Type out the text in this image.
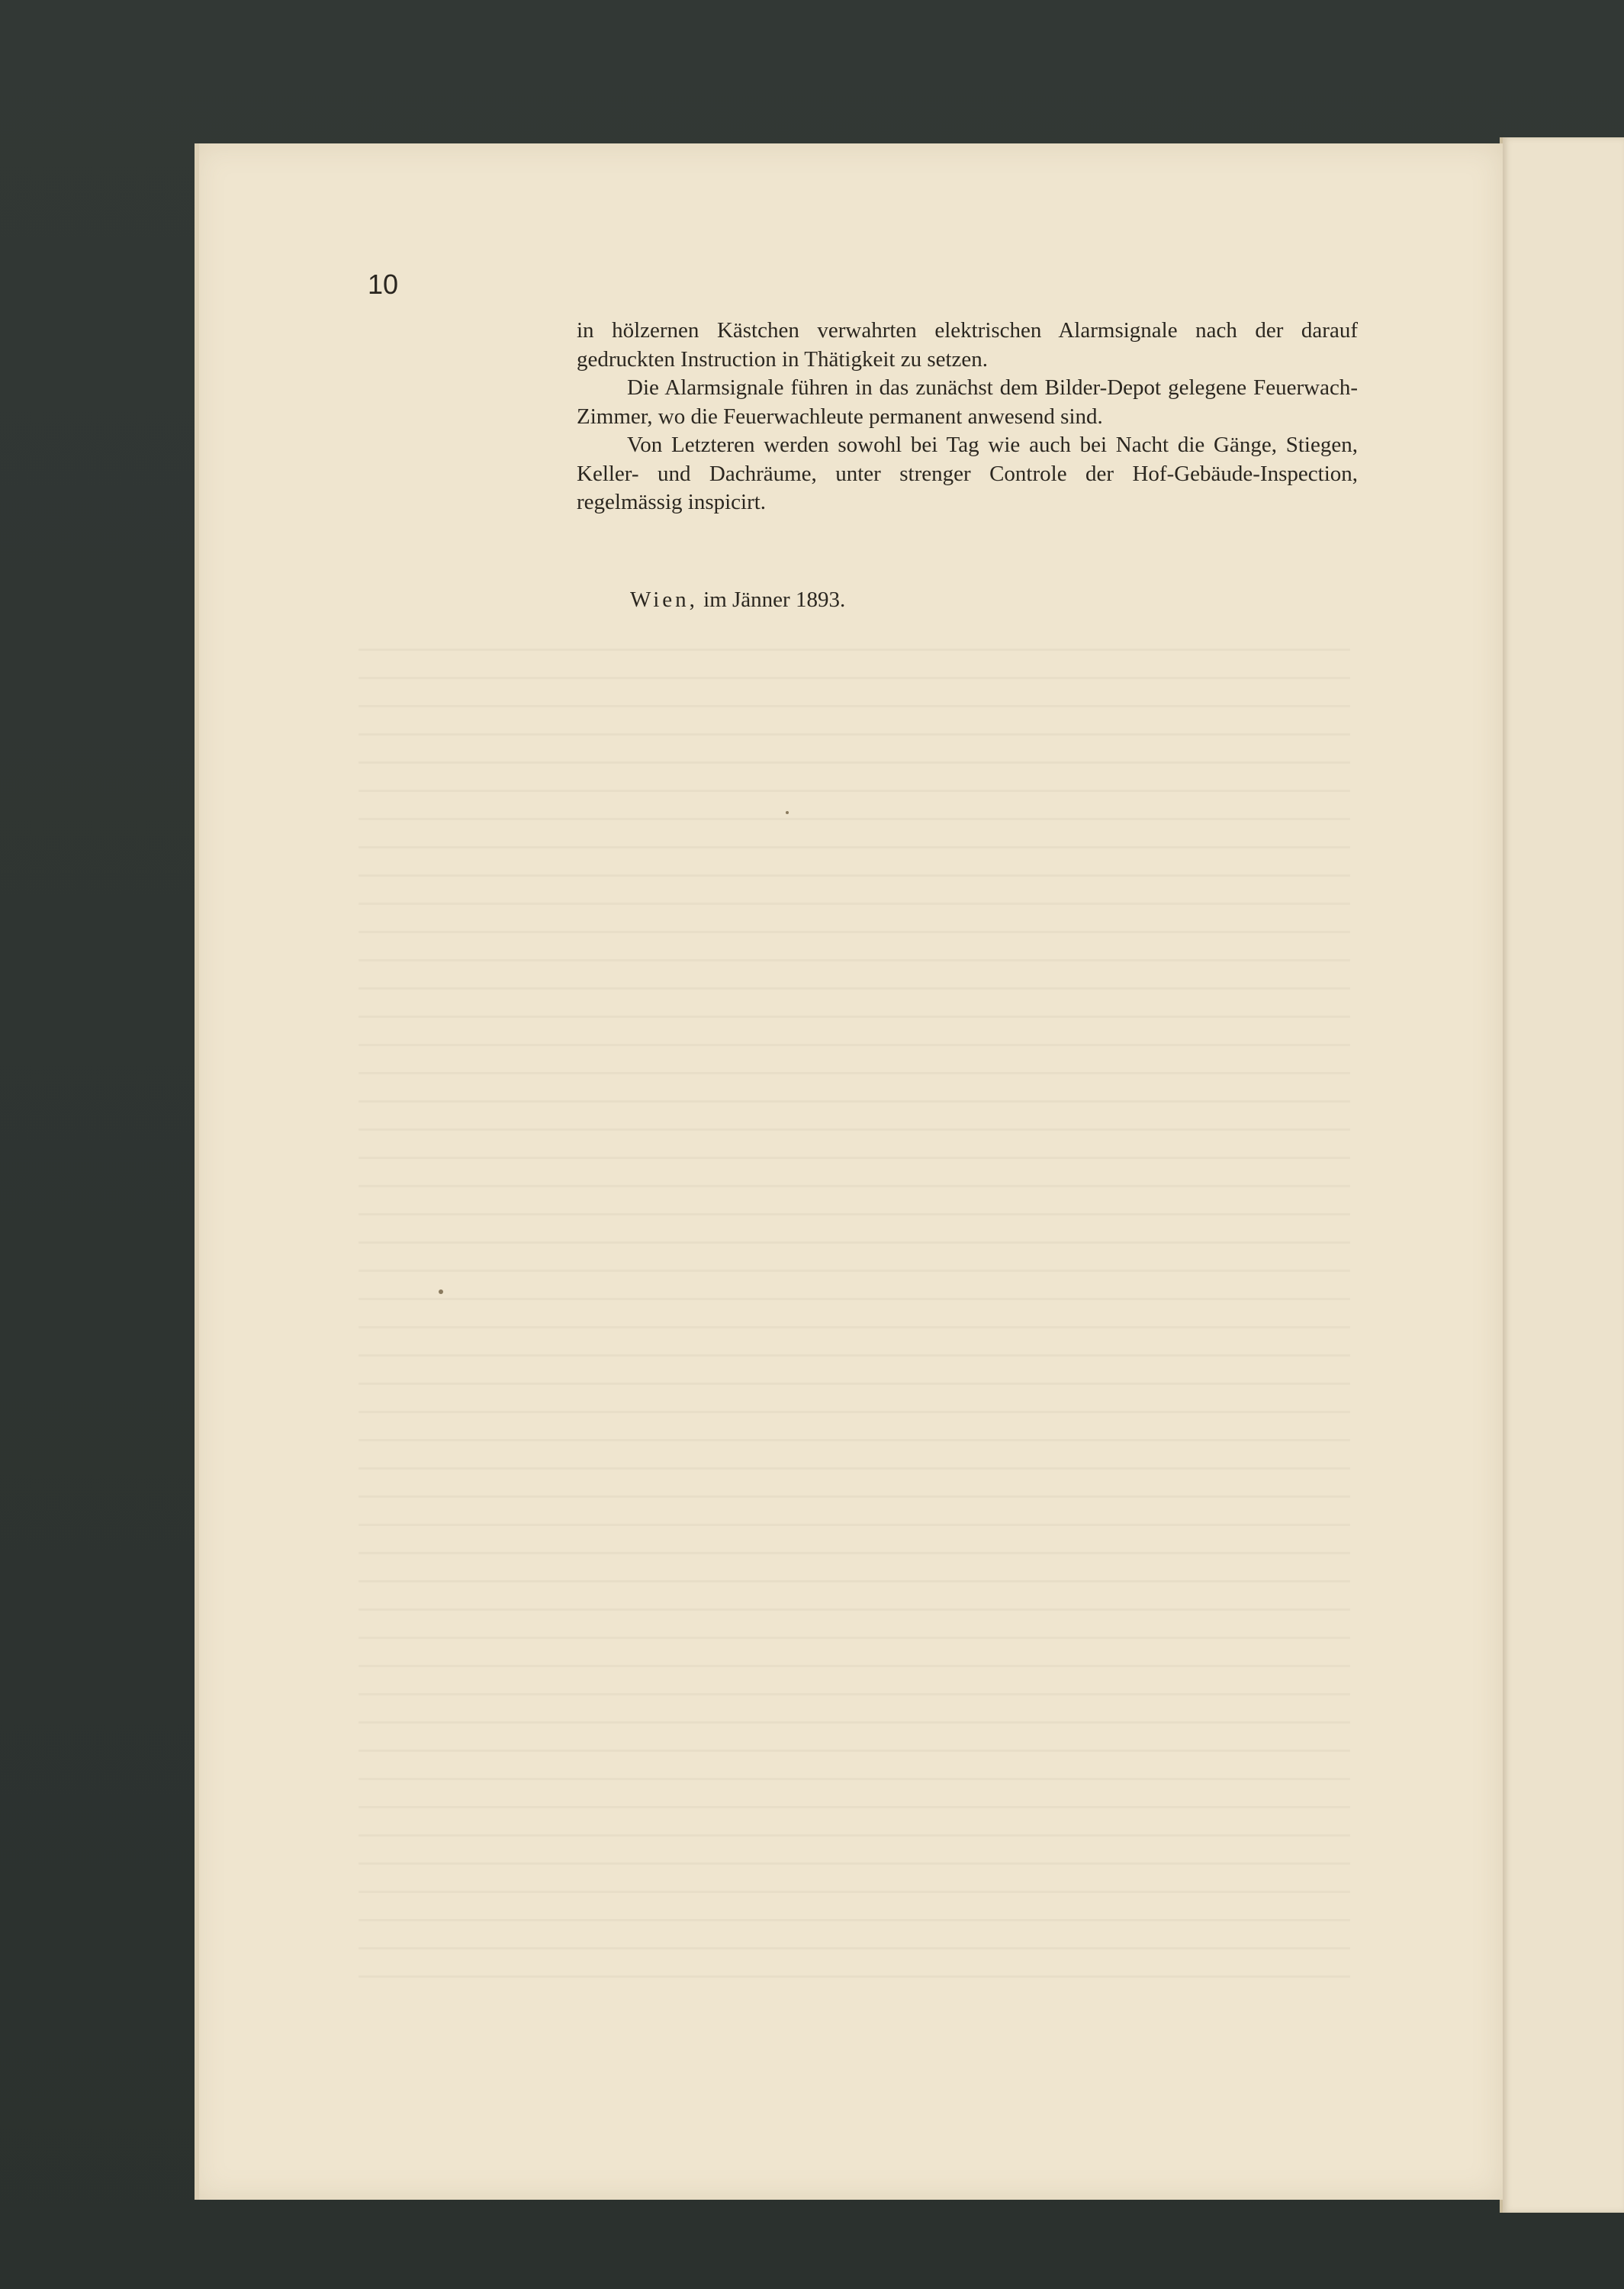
10

in hölzernen Kästchen verwahrten elektrischen Alarmsignale nach der darauf gedruckten Instruction in Thätigkeit zu setzen.

Die Alarmsignale führen in das zunächst dem Bilder-Depot gelegene Feuerwach-Zimmer, wo die Feuerwachleute permanent anwesend sind.

Von Letzteren werden sowohl bei Tag wie auch bei Nacht die Gänge, Stiegen, Keller- und Dachräume, unter strenger Controle der Hof-Gebäude-Inspection, regelmässig inspicirt.

Wien, im Jänner 1893.
